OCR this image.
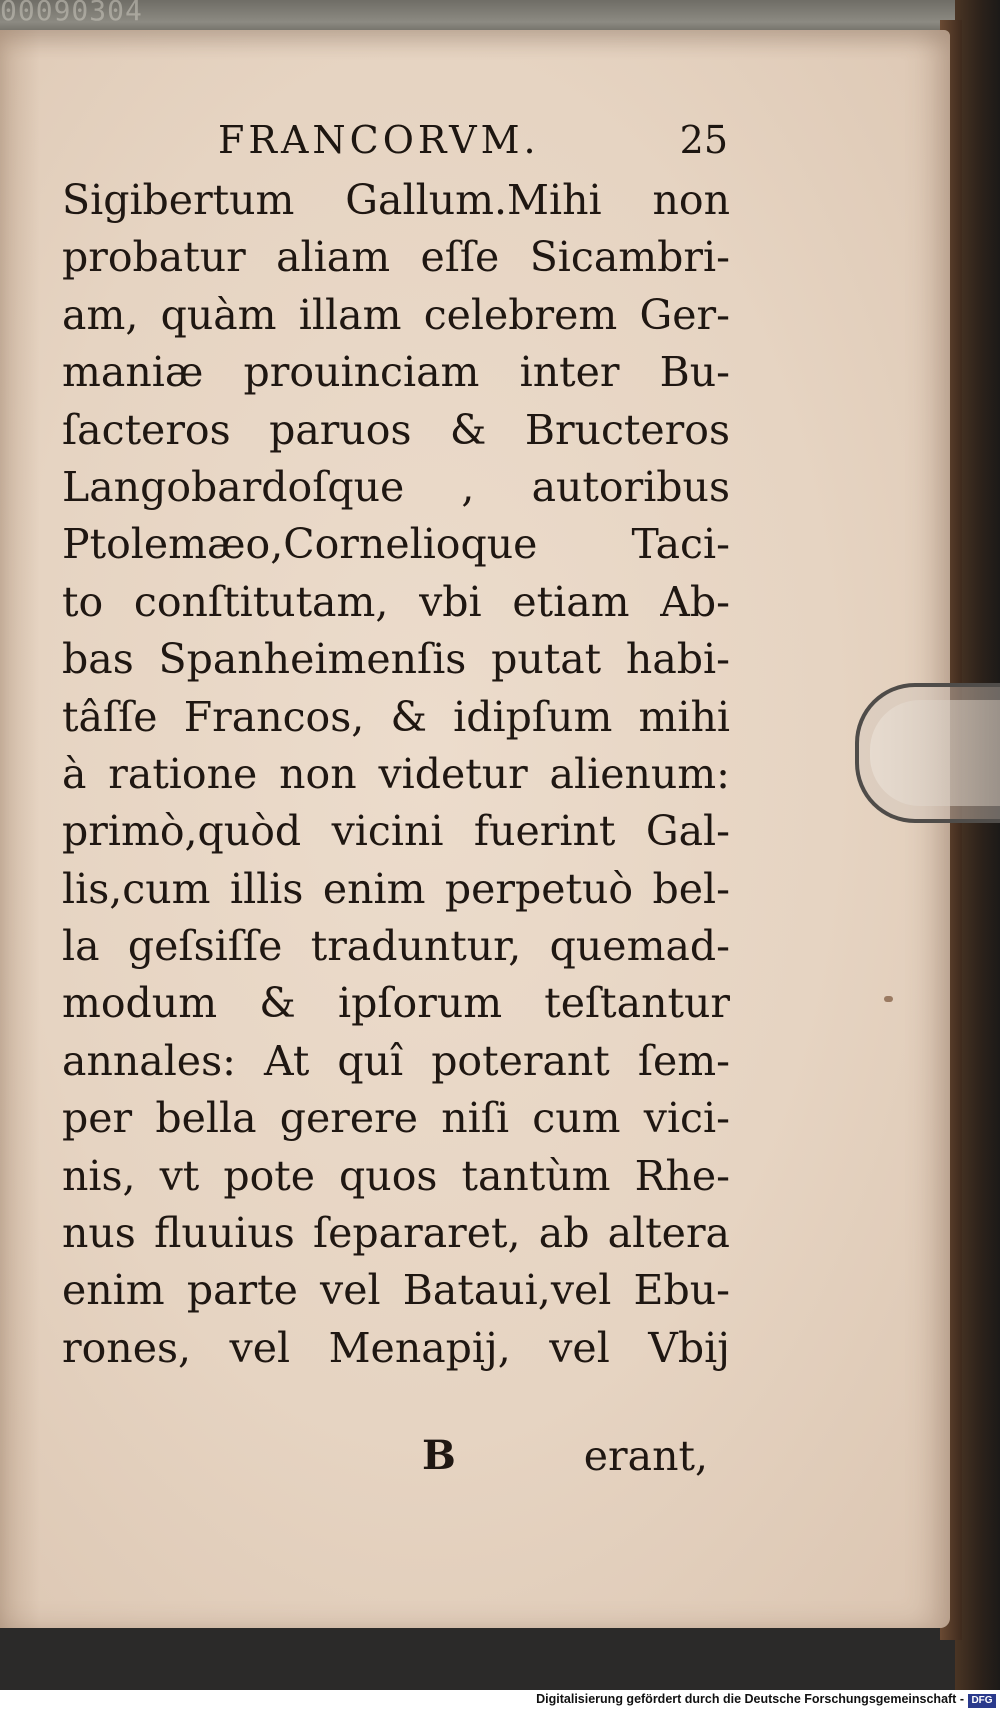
00090304
FRANCORVM.	25
Sigibertum Gallum.Mihi non
probatur aliam eſſe Sicambri-
am, quàm illam celebrem Ger-
maniæ prouinciam inter Bu-
ſacteros paruos & Bructeros
Langobardoſque , autoribus
Ptolemæo,Cornelioque Taci-
to conſtitutam, vbi etiam Ab-
bas Spanheimenſis putat habi-
tâſſe Francos, & idipſum mihi
à ratione non videtur alienum:
primò,quòd vicini fuerint Gal-
lis,cum illis enim perpetuò bel-
la geſsiſſe traduntur, quemad-
modum & ipſorum teſtantur
annales: At quî poterant ſem-
per bella gerere niſi cum vici-
nis, vt pote quos tantùm Rhe-
nus fluuius ſepararet, ab altera
enim parte vel Bataui,vel Ebu-
rones, vel Menapij, vel Vbij
B	erant,
Digitalisierung gefördert durch die Deutsche Forschungsgemeinschaft - DFG
